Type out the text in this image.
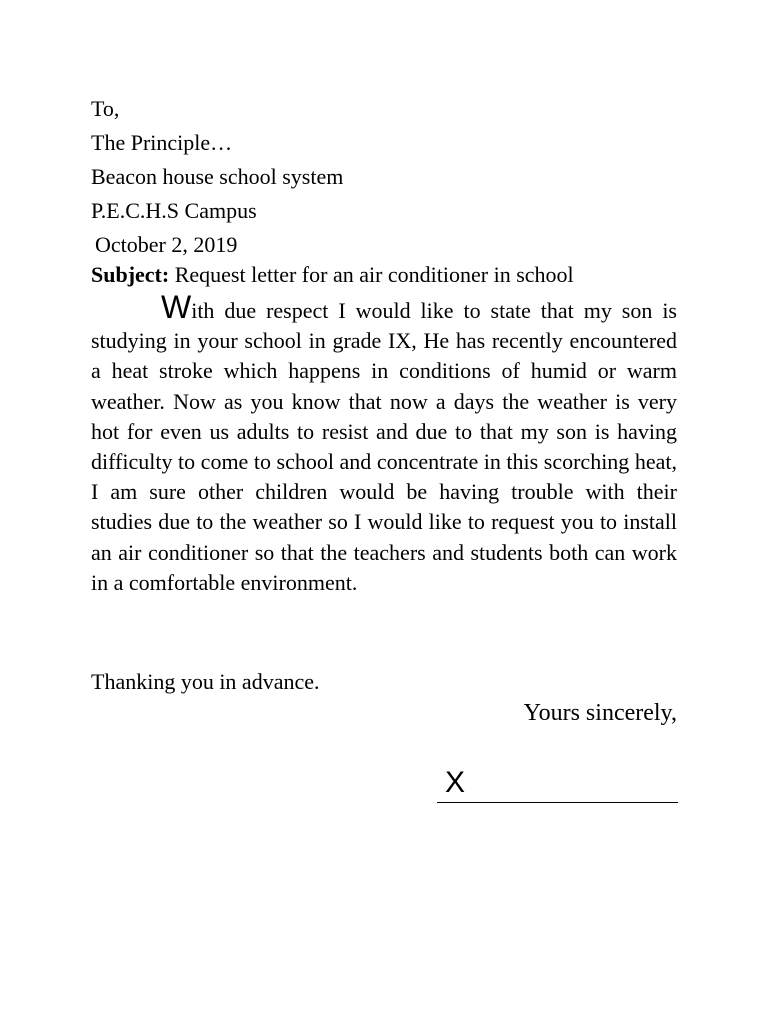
To,
The Principle…
Beacon house school system
P.E.C.H.S Campus
October 2, 2019
Subject: Request letter for an air conditioner in school
With due respect I would like to state that my son is studying in your school in grade IX, He has recently encountered a heat stroke which happens in conditions of humid or warm weather. Now as you know that now a days the weather is very hot for even us adults to resist and due to that my son is having difficulty to come to school and concentrate in this scorching heat, I am sure other children would be having trouble with their studies due to the weather so I would like to request you to install an air conditioner so that the teachers and students both can work in a comfortable environment.
Thanking you in advance.
Yours sincerely,
X
